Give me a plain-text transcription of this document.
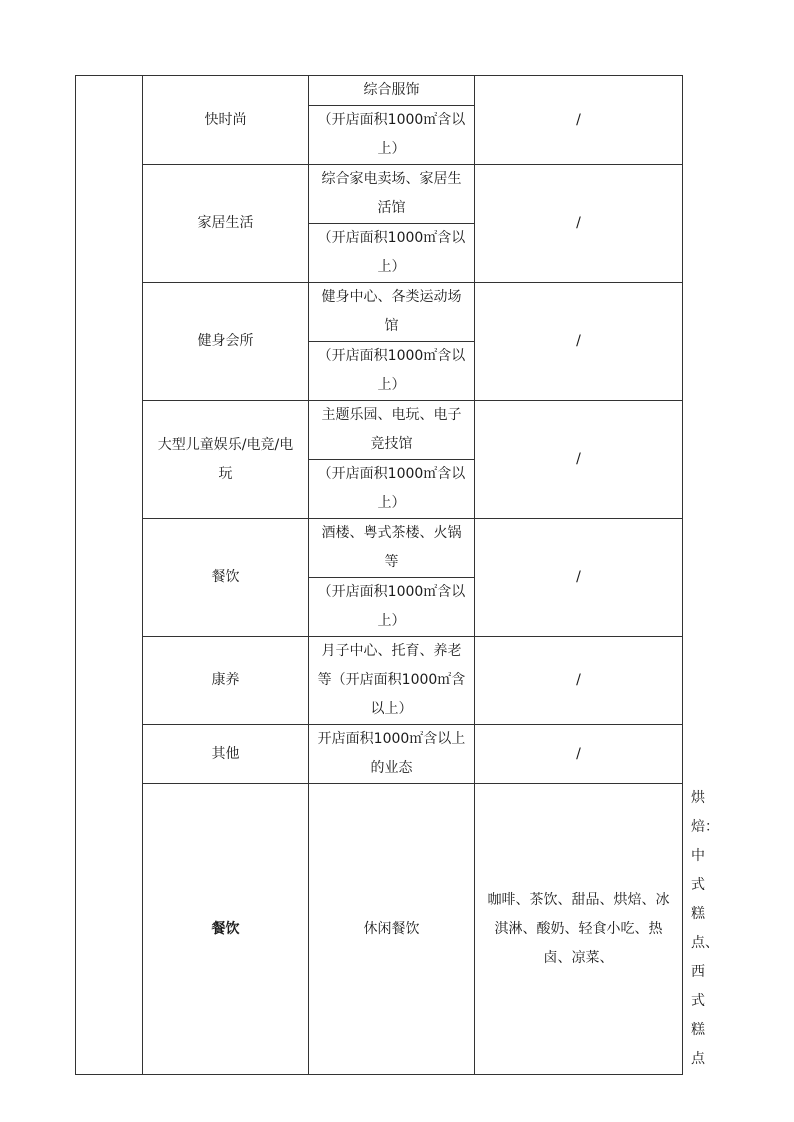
	快时尚	综合服饰	/	
		（开店面积1000㎡含以上）		
	家居生活	综合家电卖场、家居生活馆	/	
		（开店面积1000㎡含以上）		
	健身会所	健身中心、各类运动场馆	/	
		（开店面积1000㎡含以上）		
	大型儿童娱乐/电竞/电玩	主题乐园、电玩、电子竞技馆	/	
		（开店面积1000㎡含以上）		
	餐饮	酒楼、粤式茶楼、火锅等	/	
		（开店面积1000㎡含以上）		
	康养	月子中心、托育、养老等（开店面积1000㎡含以上）	/	
	其他	开店面积1000㎡含以上的业态	/	
	餐饮	休闲餐饮	咖啡、茶饮、甜品、烘焙、冰淇淋、酸奶、轻食小吃、热卤、凉菜、	烘焙：中式糕点、西式糕点
